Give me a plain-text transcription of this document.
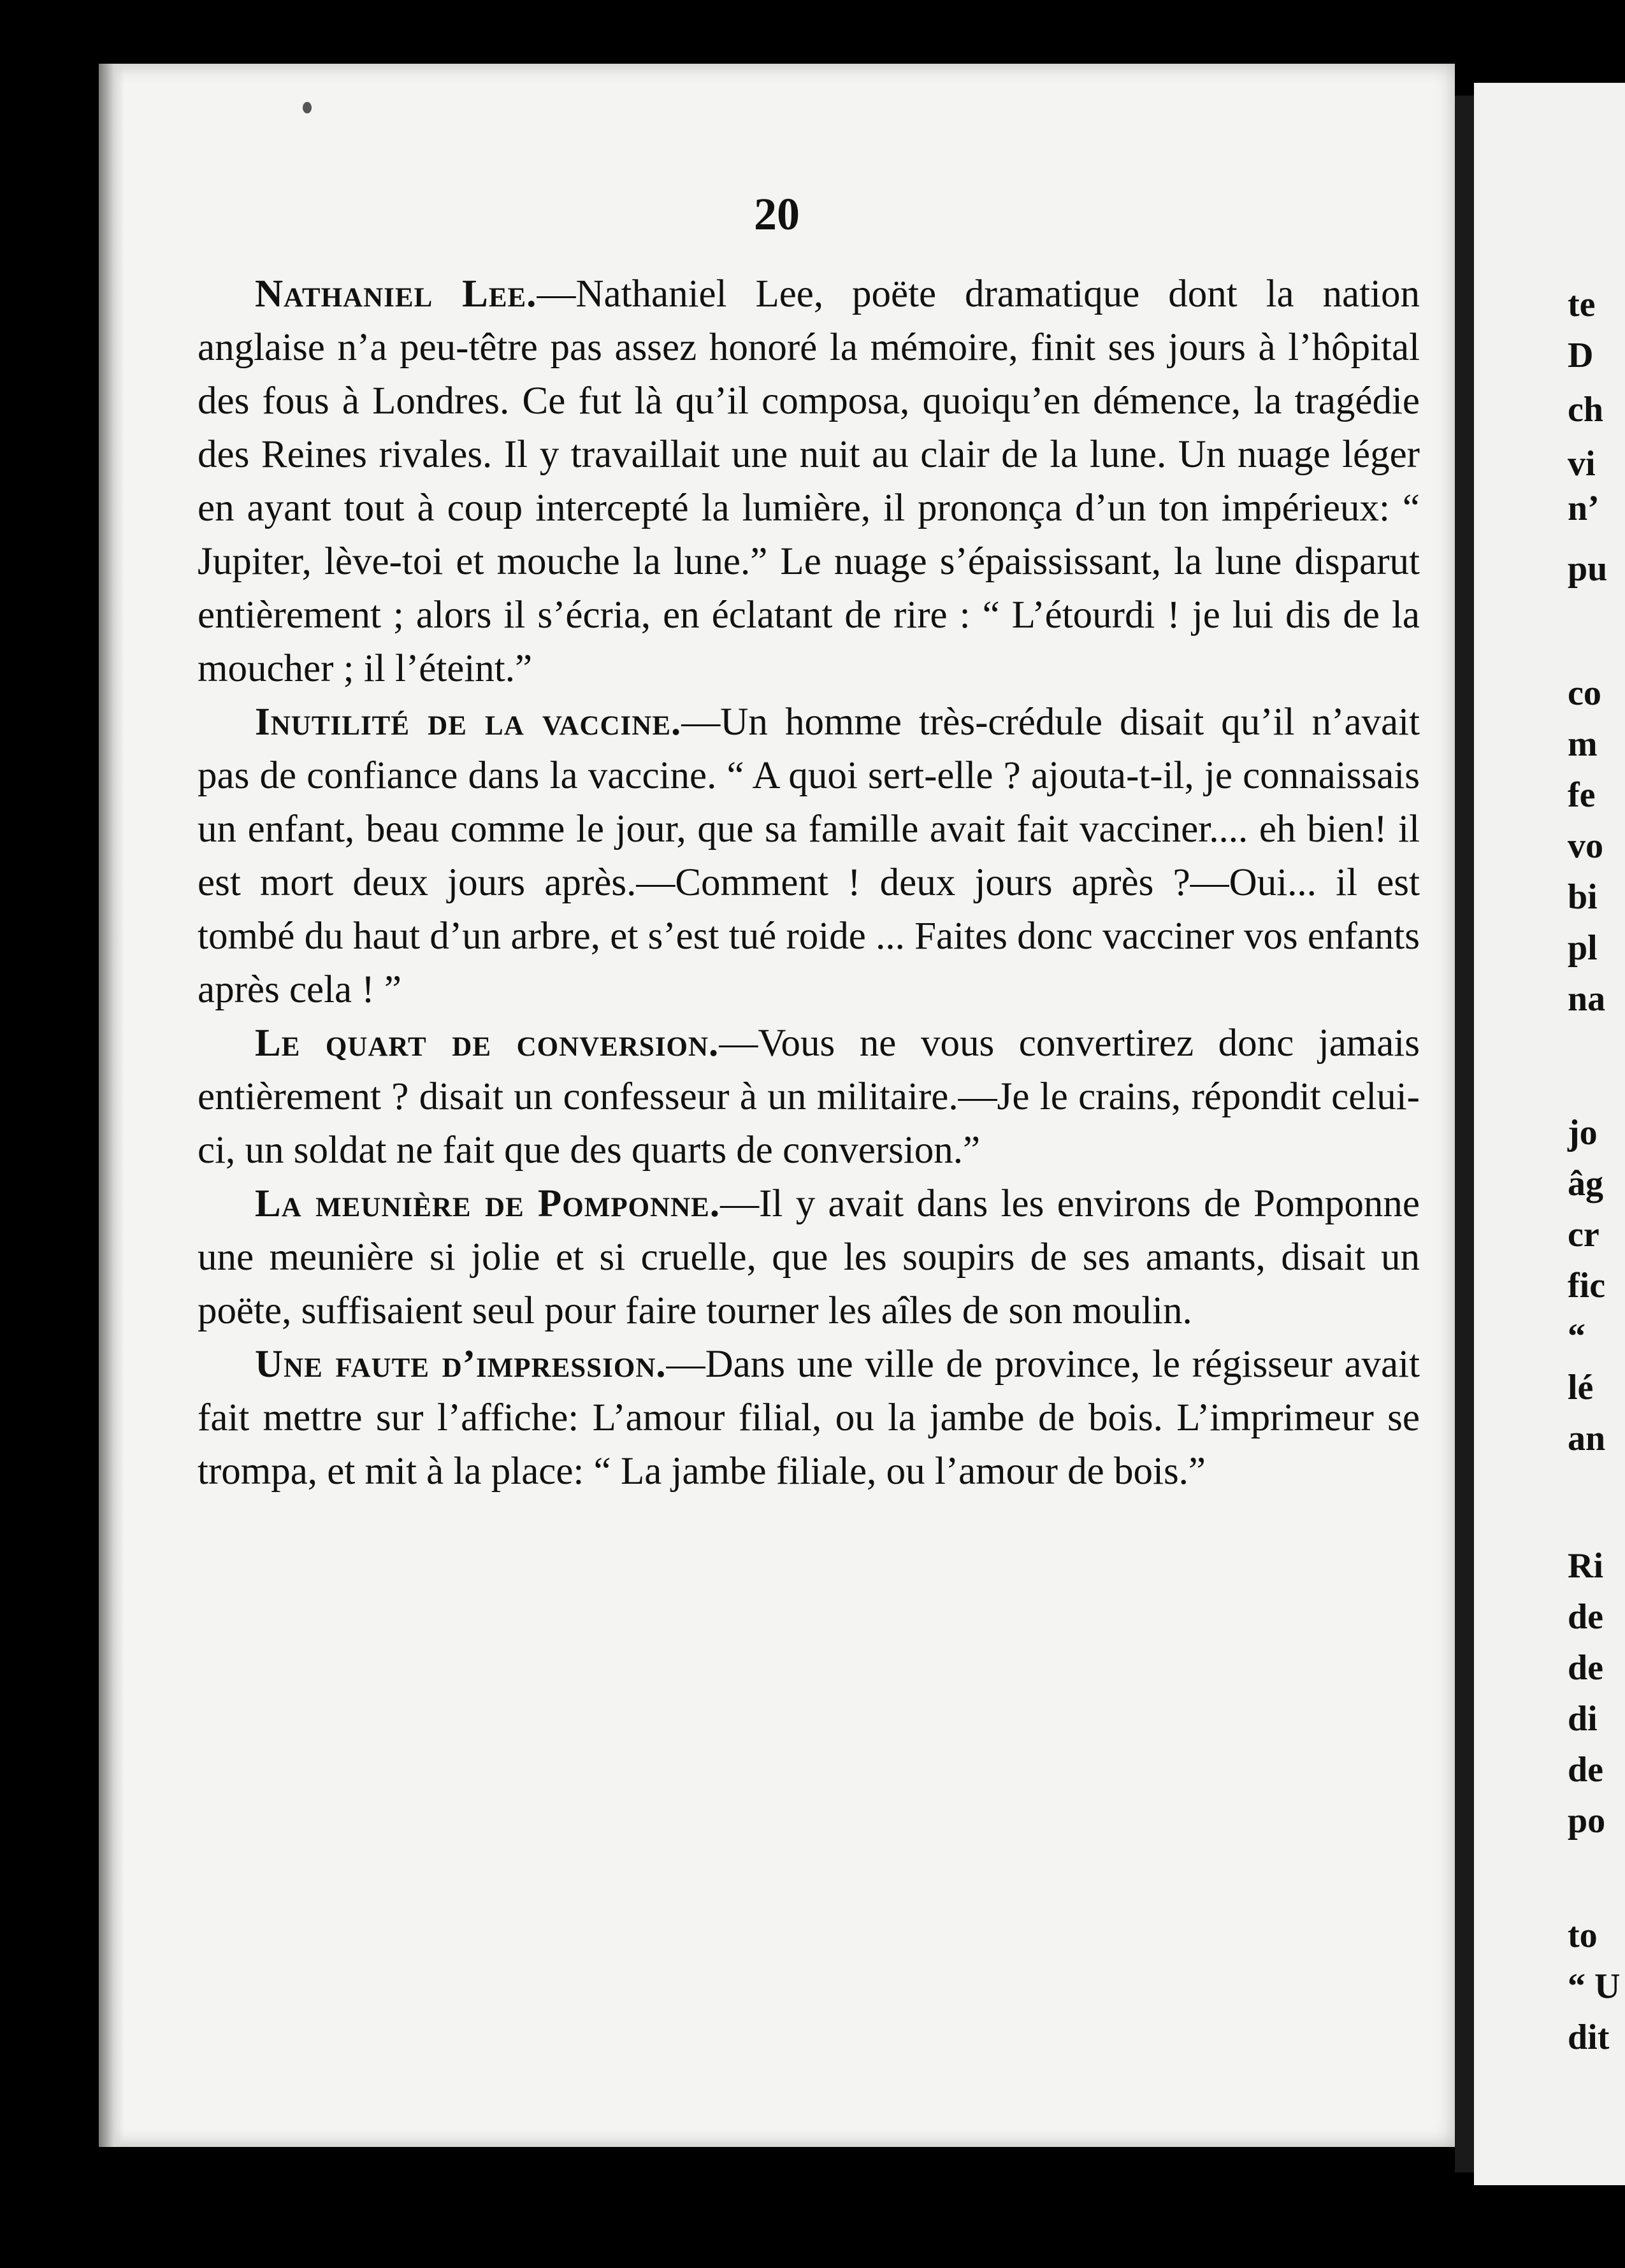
20

Nathaniel Lee.—Nathaniel Lee, poëte dramatique dont la nation anglaise n’a peu-têtre pas assez honoré la mémoire, finit ses jours à l’hôpital des fous à Londres. Ce fut là qu’il composa, quoiqu’en démence, la tragédie des Reines rivales. Il y travaillait une nuit au clair de la lune. Un nuage léger en ayant tout à coup intercepté la lumière, il prononça d’un ton impérieux: “ Jupiter, lève-toi et mouche la lune.” Le nuage s’épaississant, la lune disparut entièrement ; alors il s’écria, en éclatant de rire : “ L’étourdi ! je lui dis de la moucher ; il l’éteint.”

Inutilité de la vaccine.—Un homme très-crédule disait qu’il n’avait pas de confiance dans la vaccine. “ A quoi sert-elle ? ajouta-t-il, je connaissais un enfant, beau comme le jour, que sa famille avait fait vacciner.... eh bien! il est mort deux jours après.—Comment ! deux jours après ?—Oui... il est tombé du haut d’un arbre, et s’est tué roide ... Faites donc vacciner vos enfants après cela ! ”

Le quart de conversion.—Vous ne vous convertirez donc jamais entièrement ? disait un confesseur à un militaire.—Je le crains, répondit celui-ci, un soldat ne fait que des quarts de conversion.”

La meunière de Pomponne.—Il y avait dans les environs de Pomponne une meunière si jolie et si cruelle, que les soupirs de ses amants, disait un poëte, suffisaient seul pour faire tourner les aîles de son moulin.

Une faute d’impression.—Dans une ville de province, le régisseur avait fait mettre sur l’affiche: L’amour filial, ou la jambe de bois. L’imprimeur se trompa, et mit à la place: “ La jambe filiale, ou l’amour de bois.”

te
D
ch
vi
n’
pu
co
m
fe
vo
bi
pl
na
jo
âg
cr
fic
“
lé
an
Ri
de
de
di
de
po
to
“ U
dit
